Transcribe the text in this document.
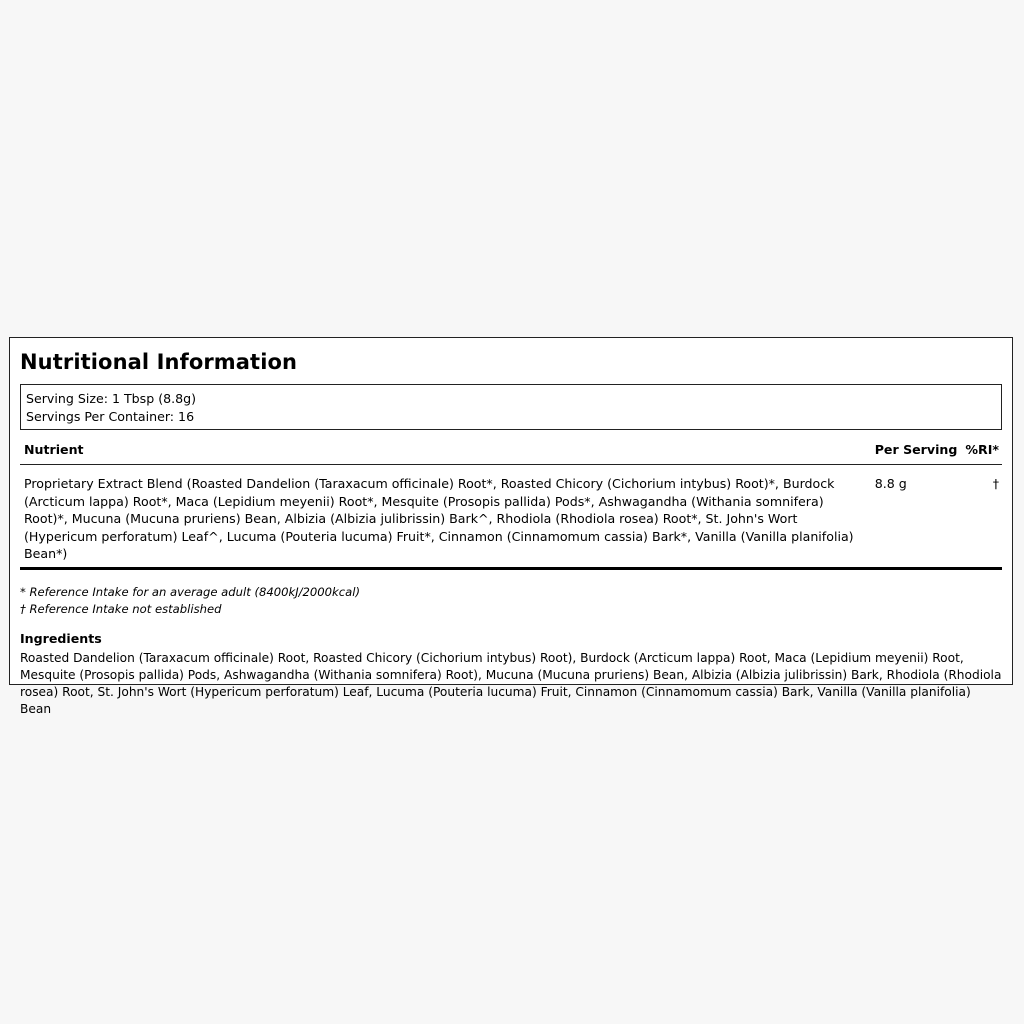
Nutritional Information
Serving Size: 1 Tbsp (8.8g)
Servings Per Container: 16
Nutrient	Per Serving	%RI*
Proprietary Extract Blend (Roasted Dandelion (Taraxacum officinale) Root*, Roasted Chicory (Cichorium intybus) Root)*, Burdock (Arcticum lappa) Root*, Maca (Lepidium meyenii) Root*, Mesquite (Prosopis pallida) Pods*, Ashwagandha (Withania somnifera) Root)*, Mucuna (Mucuna pruriens) Bean, Albizia (Albizia julibrissin) Bark^, Rhodiola (Rhodiola rosea) Root*, St. John's Wort (Hypericum perforatum) Leaf^, Lucuma (Pouteria lucuma) Fruit*, Cinnamon (Cinnamomum cassia) Bark*, Vanilla (Vanilla planifolia) Bean*)	8.8 g	†
* Reference Intake for an average adult (8400kJ/2000kcal)
† Reference Intake not established
Ingredients
Roasted Dandelion (Taraxacum officinale) Root, Roasted Chicory (Cichorium intybus) Root), Burdock (Arcticum lappa) Root, Maca (Lepidium meyenii) Root, Mesquite (Prosopis pallida) Pods, Ashwagandha (Withania somnifera) Root), Mucuna (Mucuna pruriens) Bean, Albizia (Albizia julibrissin) Bark, Rhodiola (Rhodiola rosea) Root, St. John's Wort (Hypericum perforatum) Leaf, Lucuma (Pouteria lucuma) Fruit, Cinnamon (Cinnamomum cassia) Bark, Vanilla (Vanilla planifolia) Bean
